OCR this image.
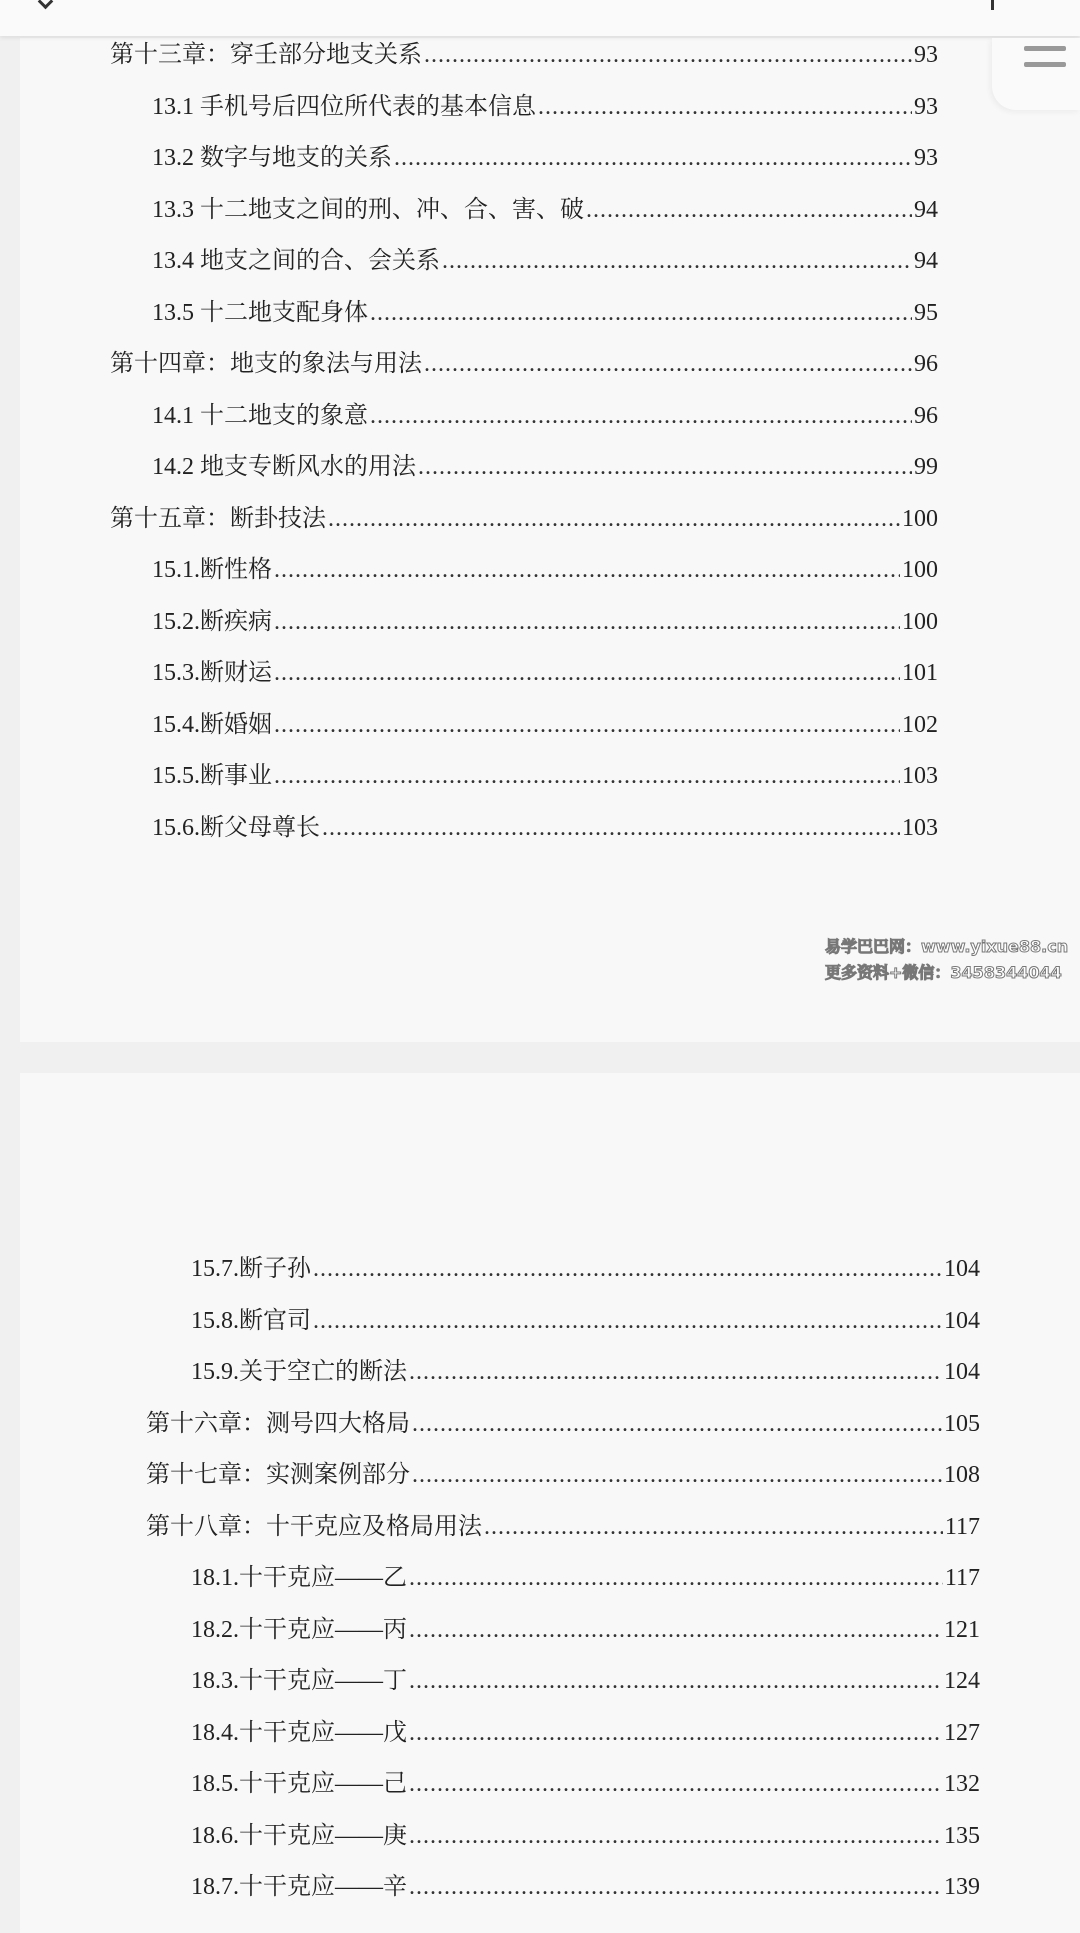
第十三章：穿壬部分地支关系 .....	93
13.1 手机号后四位所代表的基本信息 .....	93
13.2 数字与地支的关系 .....	93
13.3 十二地支之间的刑、冲、合、害、破 .....	94
13.4 地支之间的合、会关系 .....	94
13.5 十二地支配身体 .....	95
第十四章：地支的象法与用法 .....	96
14.1 十二地支的象意 .....	96
14.2 地支专断风水的用法 .....	99
第十五章：断卦技法 .....	100
15.1.断性格 .....	100
15.2.断疾病 .....	100
15.3.断财运 .....	101
15.4.断婚姻 .....	102
15.5.断事业 .....	103
15.6.断父母尊长 .....	103
15.7.断子孙 .....	104
15.8.断官司 .....	104
15.9.关于空亡的断法 .....	104
第十六章：测号四大格局 .....	105
第十七章：实测案例部分 .....	108
第十八章：十干克应及格局用法 .....	117
18.1.十干克应——乙 .....	117
18.2.十干克应——丙 .....	121
18.3.十干克应——丁 .....	124
18.4.十干克应——戊 .....	127
18.5.十干克应——己 .....	132
18.6.十干克应——庚 .....	135
18.7.十干克应——辛 .....	139
易学巴巴网：www.yixue88.cn
更多资料+微信：3458344044
